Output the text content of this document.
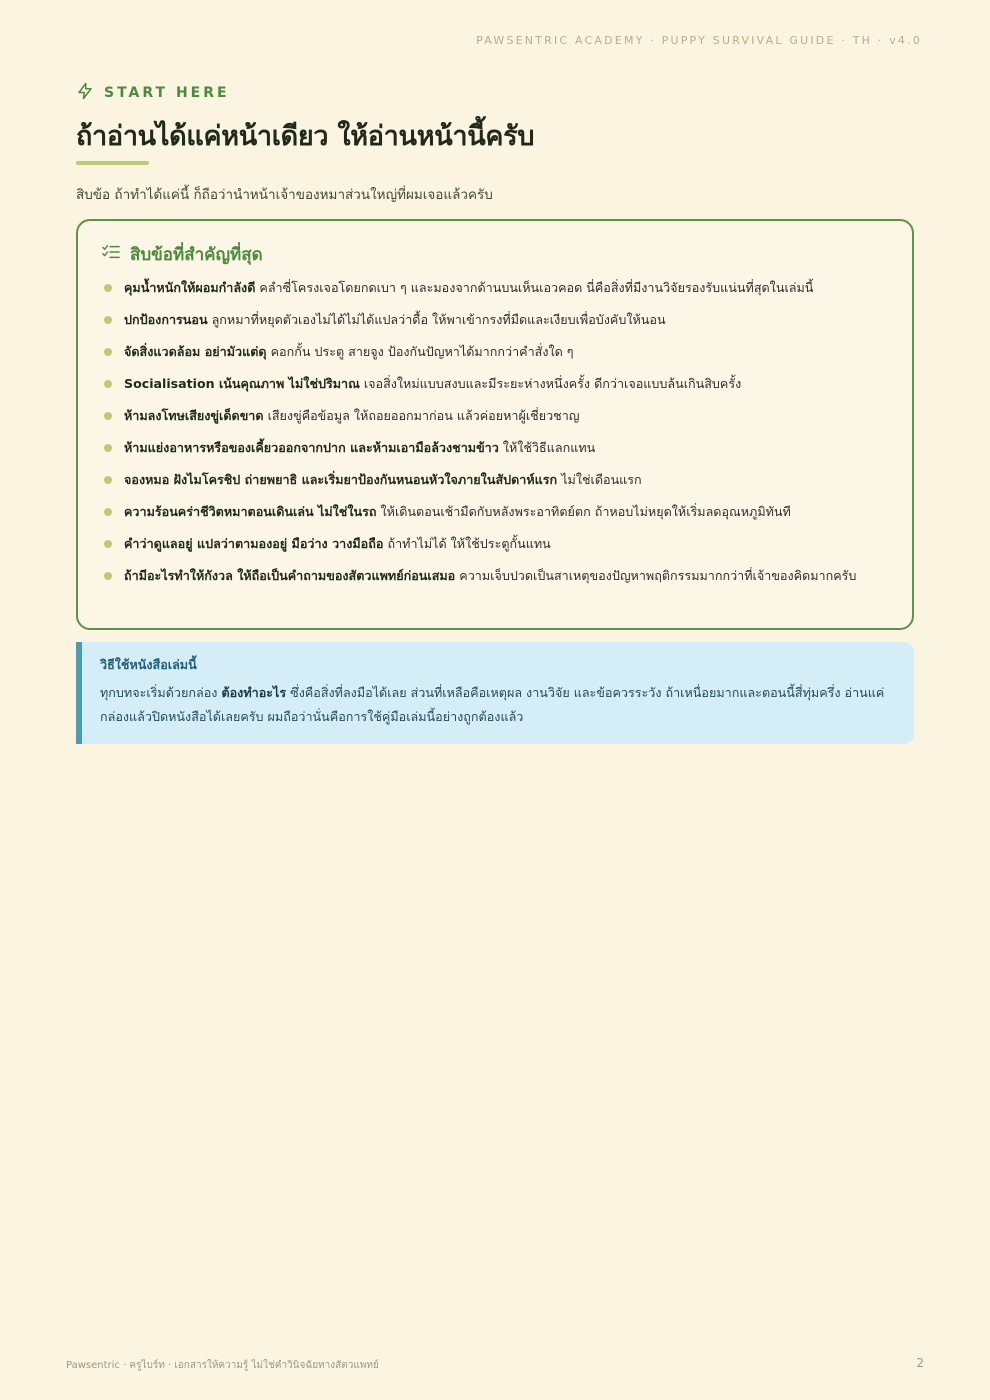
PAWSENTRIC ACADEMY · PUPPY SURVIVAL GUIDE · TH · v4.0
START HERE
ถ้าอ่านได้แค่หน้าเดียว ให้อ่านหน้านี้ครับ

สิบข้อ ถ้าทำได้แค่นี้ ก็ถือว่านำหน้าเจ้าของหมาส่วนใหญ่ที่ผมเจอแล้วครับ

สิบข้อที่สำคัญที่สุด
คุมน้ำหนักให้ผอมกำลังดี คลำซี่โครงเจอโดยกดเบา ๆ และมองจากด้านบนเห็นเอวคอด นี่คือสิ่งที่มีงานวิจัยรองรับแน่นที่สุดในเล่มนี้
ปกป้องการนอน ลูกหมาที่หยุดตัวเองไม่ได้ไม่ได้แปลว่าดื้อ ให้พาเข้ากรงที่มืดและเงียบเพื่อบังคับให้นอน
จัดสิ่งแวดล้อม อย่ามัวแต่ดุ คอกกั้น ประตู สายจูง ป้องกันปัญหาได้มากกว่าคำสั่งใด ๆ
Socialisation เน้นคุณภาพ ไม่ใช่ปริมาณ เจอสิ่งใหม่แบบสงบและมีระยะห่างหนึ่งครั้ง ดีกว่าเจอแบบล้นเกินสิบครั้ง
ห้ามลงโทษเสียงขู่เด็ดขาด เสียงขู่คือข้อมูล ให้ถอยออกมาก่อน แล้วค่อยหาผู้เชี่ยวชาญ
ห้ามแย่งอาหารหรือของเคี้ยวออกจากปาก และห้ามเอามือล้วงชามข้าว ให้ใช้วิธีแลกแทน
จองหมอ ฝังไมโครชิป ถ่ายพยาธิ และเริ่มยาป้องกันหนอนหัวใจภายในสัปดาห์แรก ไม่ใช่เดือนแรก
ความร้อนคร่าชีวิตหมาตอนเดินเล่น ไม่ใช่ในรถ ให้เดินตอนเช้ามืดกับหลังพระอาทิตย์ตก ถ้าหอบไม่หยุดให้เริ่มลดอุณหภูมิทันที
คำว่าดูแลอยู่ แปลว่าตามองอยู่ มือว่าง วางมือถือ ถ้าทำไม่ได้ ให้ใช้ประตูกั้นแทน
ถ้ามีอะไรทำให้กังวล ให้ถือเป็นคำถามของสัตวแพทย์ก่อนเสมอ ความเจ็บปวดเป็นสาเหตุของปัญหาพฤติกรรมมากกว่าที่เจ้าของคิดมากครับ
วิธีใช้หนังสือเล่มนี้
ทุกบทจะเริ่มด้วยกล่อง ต้องทำอะไร ซึ่งคือสิ่งที่ลงมือได้เลย ส่วนที่เหลือคือเหตุผล งานวิจัย และข้อควรระวัง ถ้าเหนื่อยมากและตอนนี้สี่ทุ่มครึ่ง อ่านแค่กล่องแล้วปิดหนังสือได้เลยครับ ผมถือว่านั่นคือการใช้คู่มือเล่มนี้อย่างถูกต้องแล้ว
Pawsentric · ครูไบร์ท · เอกสารให้ความรู้ ไม่ใช่คำวินิจฉัยทางสัตวแพทย์	2
